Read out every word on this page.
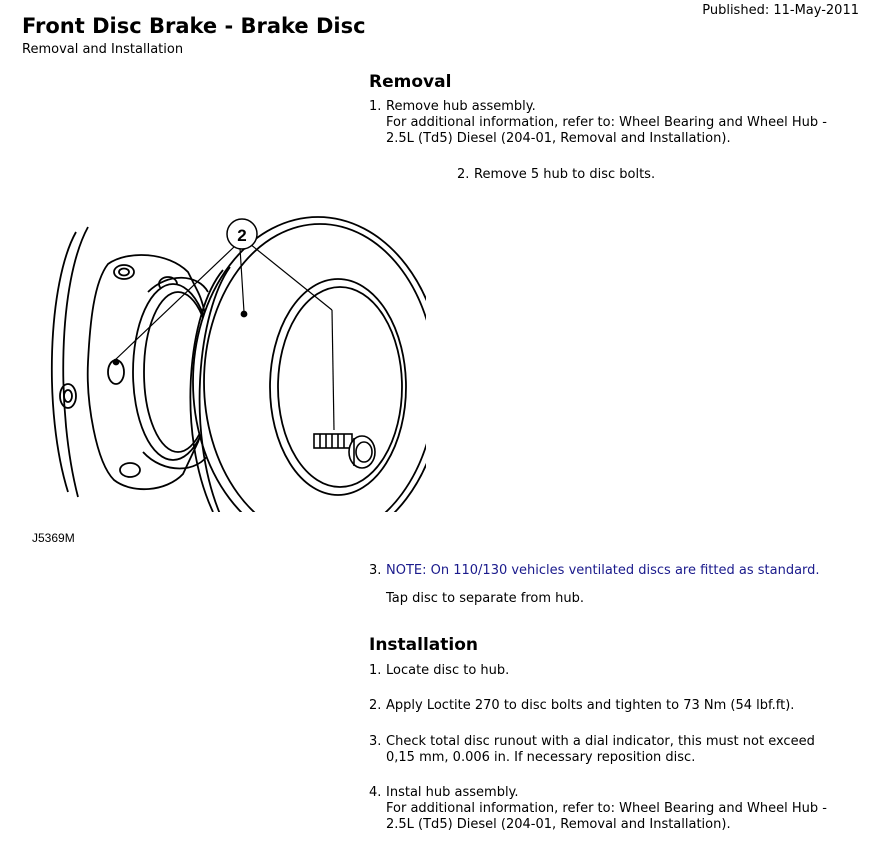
Published: 11-May-2011
Front Disc Brake - Brake Disc
Removal and Installation
Removal
1. Remove hub assembly.
For additional information, refer to: Wheel Bearing and Wheel Hub -
2.5L (Td5) Diesel (204-01, Removal and Installation).
2. Remove 5 hub to disc bolts.
2
J5369M
3. NOTE: On 110/130 vehicles ventilated discs are fitted as standard.
Tap disc to separate from hub.
Installation
1. Locate disc to hub.
2. Apply Loctite 270 to disc bolts and tighten to 73 Nm (54 lbf.ft).
3. Check total disc runout with a dial indicator, this must not exceed
0,15 mm, 0.006 in. If necessary reposition disc.
4. Instal hub assembly.
For additional information, refer to: Wheel Bearing and Wheel Hub -
2.5L (Td5) Diesel (204-01, Removal and Installation).
